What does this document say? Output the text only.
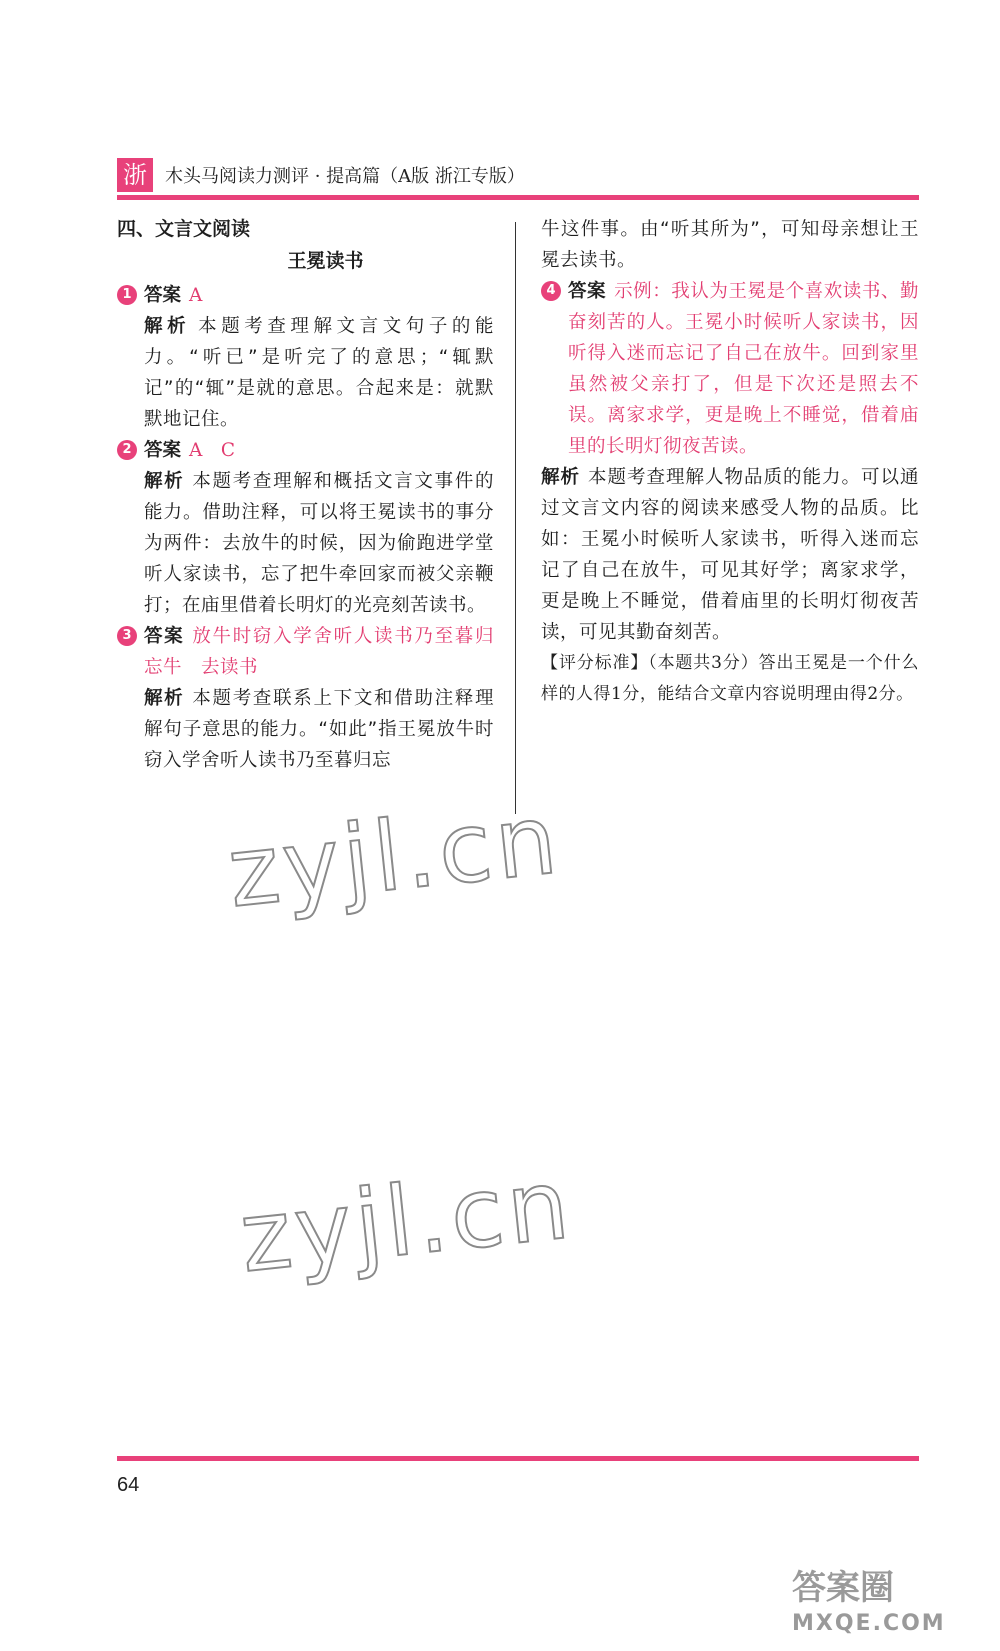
浙	木头马阅读力测评 · 提高篇（A版 浙江专版）
四、文言文阅读
王冕读书
1 答案 A
解析 本题考查理解文言文句子的能力。“听已”是听完了的意思；“辄默记”的“辄”是就的意思。合起来是：就默默地记住。
2 答案 A　C
解析 本题考查理解和概括文言文事件的能力。借助注释，可以将王冕读书的事分为两件：去放牛的时候，因为偷跑进学堂听人家读书，忘了把牛牵回家而被父亲鞭打；在庙里借着长明灯的光亮刻苦读书。
3 答案 放牛时窃入学舍听人读书乃至暮归忘牛　去读书
解析 本题考查联系上下文和借助注释理解句子意思的能力。“如此”指王冕放牛时窃入学舍听人读书乃至暮归忘
牛这件事。由“听其所为”，可知母亲想让王冕去读书。
4 答案 示例：我认为王冕是个喜欢读书、勤奋刻苦的人。王冕小时候听人家读书，因听得入迷而忘记了自己在放牛。回到家里虽然被父亲打了，但是下次还是照去不误。离家求学，更是晚上不睡觉，借着庙里的长明灯彻夜苦读。
解析 本题考查理解人物品质的能力。可以通过文言文内容的阅读来感受人物的品质。比如：王冕小时候听人家读书，听得入迷而忘记了自己在放牛，可见其好学；离家求学，更是晚上不睡觉，借着庙里的长明灯彻夜苦读，可见其勤奋刻苦。
【评分标准】（本题共3分）答出王冕是一个什么样的人得1分，能结合文章内容说明理由得2分。
zyjl.cn
zyjl.cn
64
答案圈
MXQE.COM
